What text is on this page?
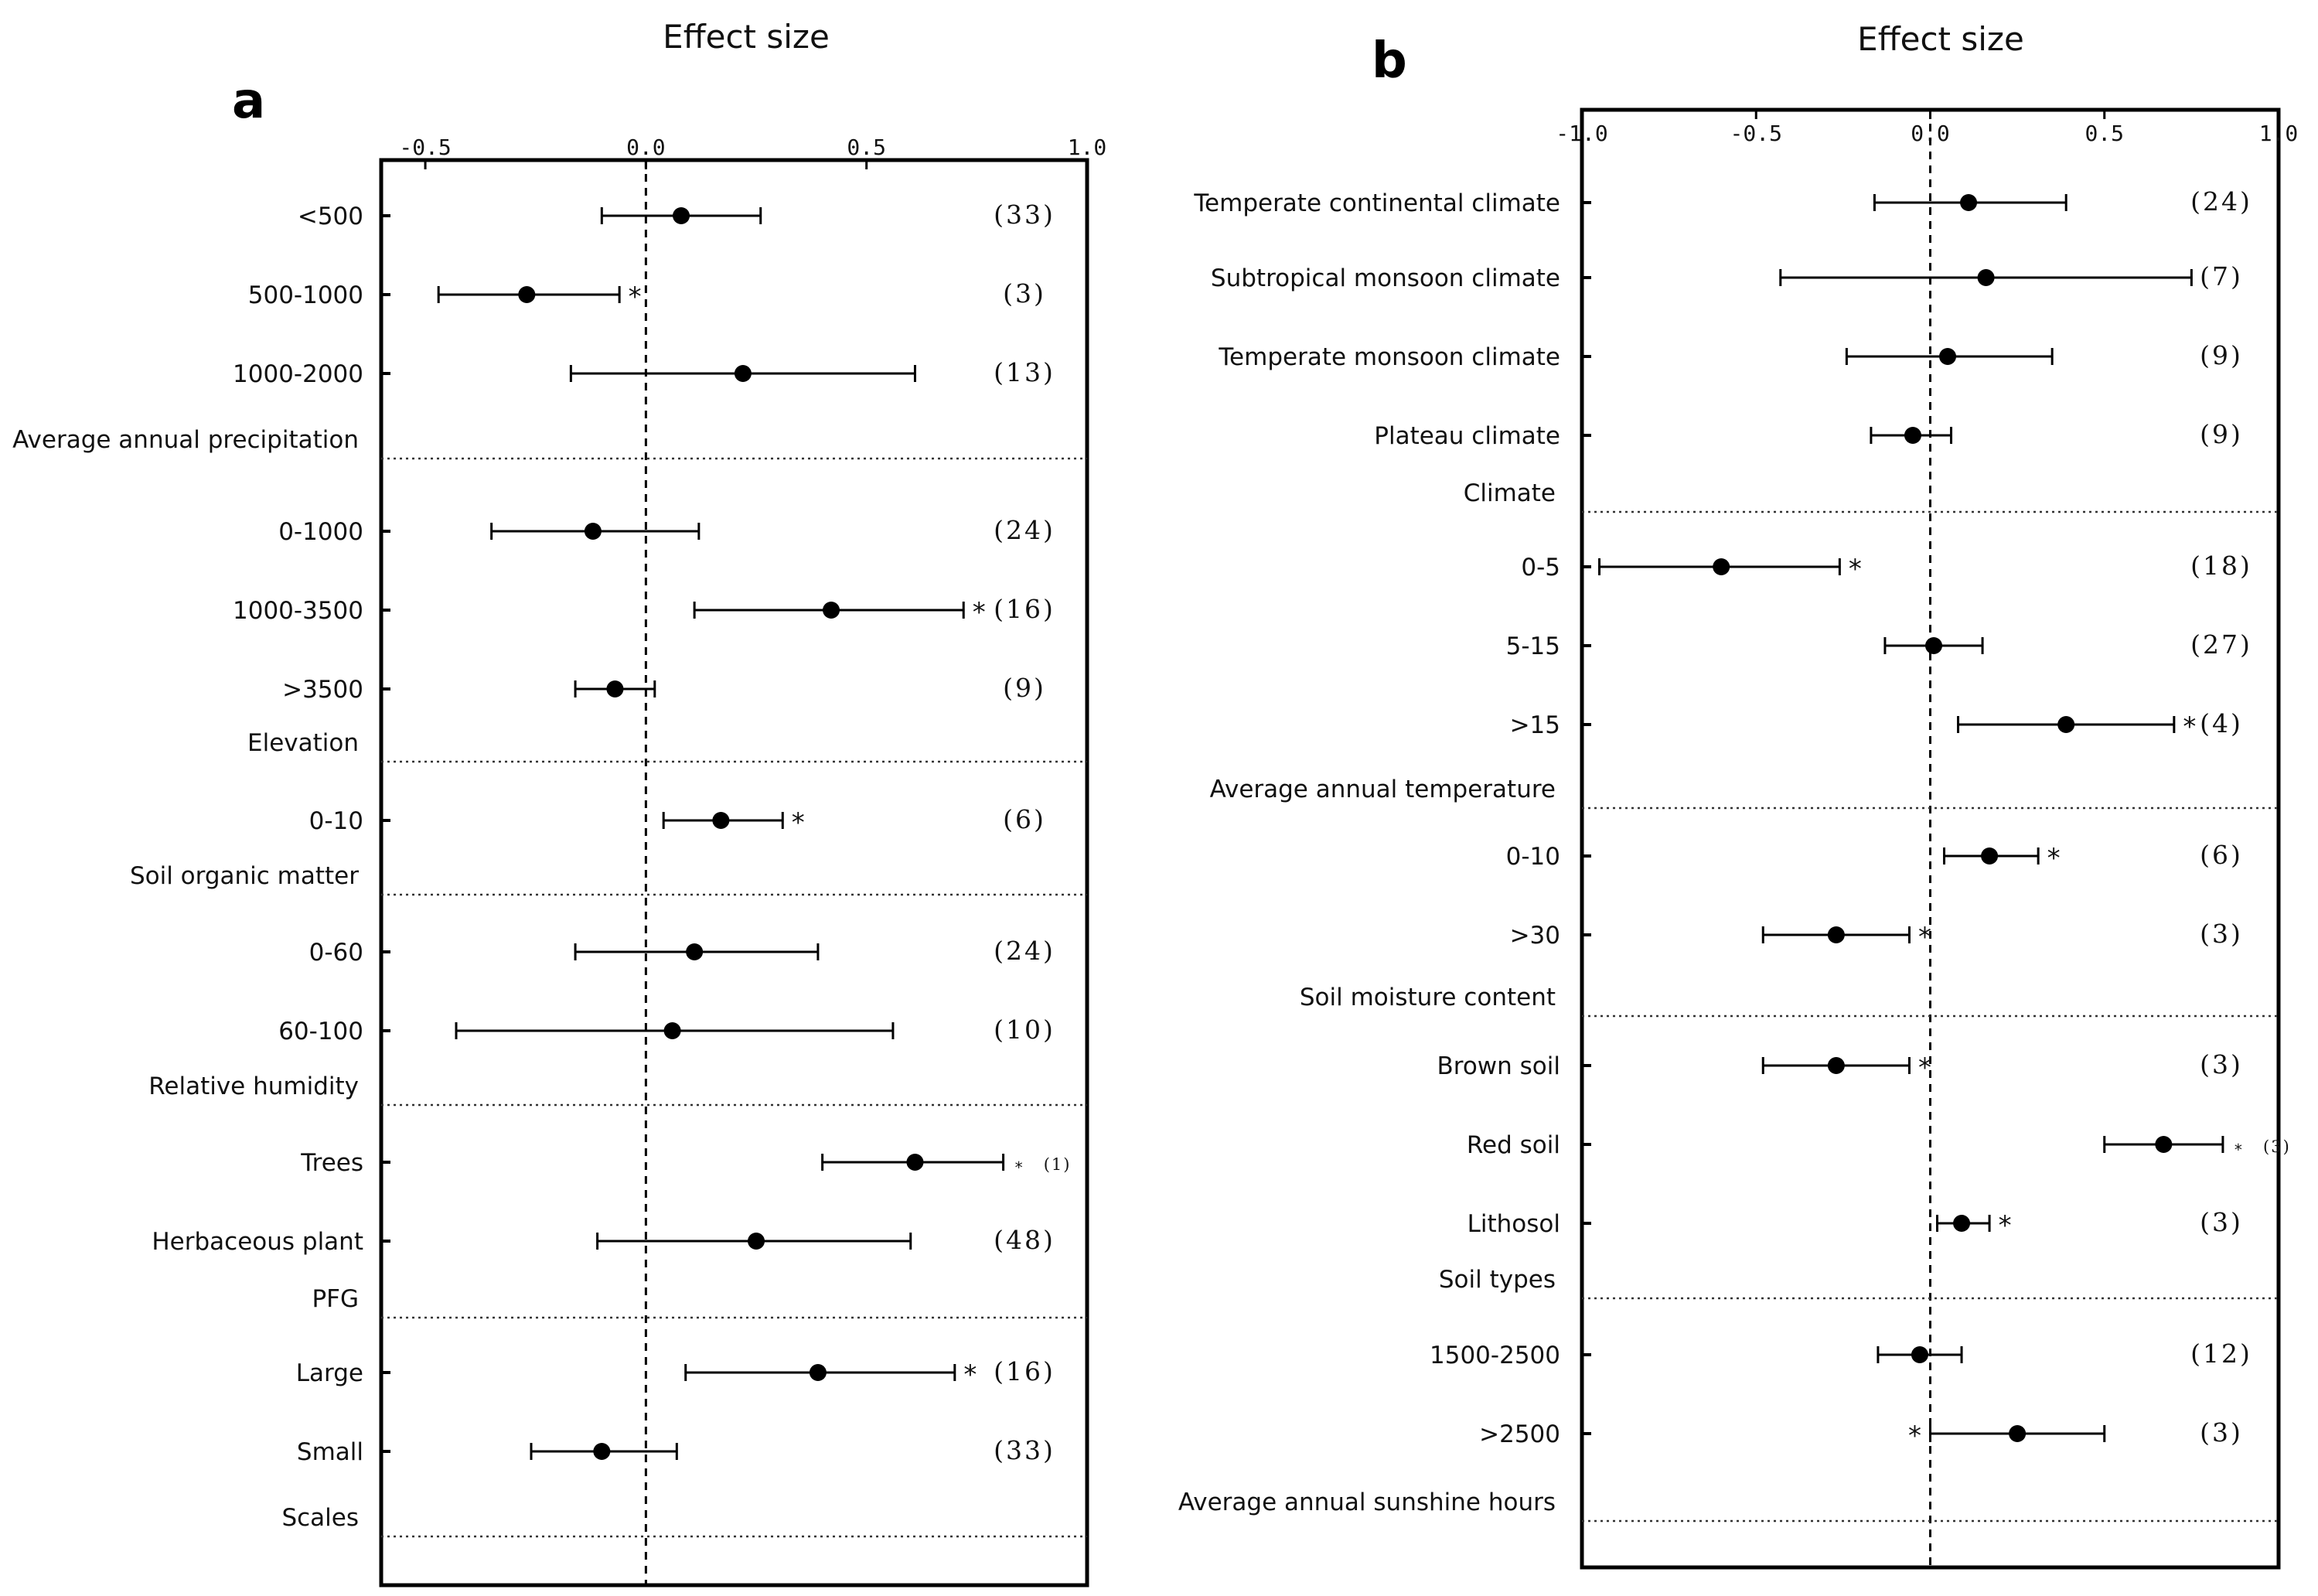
Effect size
a
-0.5	0.0	0.5	1.0
<500	(33)
500-1000	*	(3)
1000-2000	(13)
Average annual precipitation
0-1000	(24)
1000-3500	* (16)
>3500	(9)
Elevation
0-10	*	(6)
Soil organic matter
0-60	(24)
60-100	(10)
Relative humidity
Trees	* (1)
Herbaceous plant	(48)
PFG
Large	* (16)
Small	(33)
Scales
Effect size
b
-1.0	-0.5	0.0	0.5	1.0
Temperate continental climate	(24)
Subtropical monsoon climate	(7)
Temperate monsoon climate	(9)
Plateau climate	(9)
Climate
0-5	*	(18)
5-15	(27)
>15	* (4)
Average annual temperature
0-10	*	(6)
>30	*	(3)
Soil moisture content
Brown soil	*	(3)
Red soil	* (3)
Lithosol	*	(3)
Soil types
1500-2500	(12)
>2500	*	(3)
Average annual sunshine hours
